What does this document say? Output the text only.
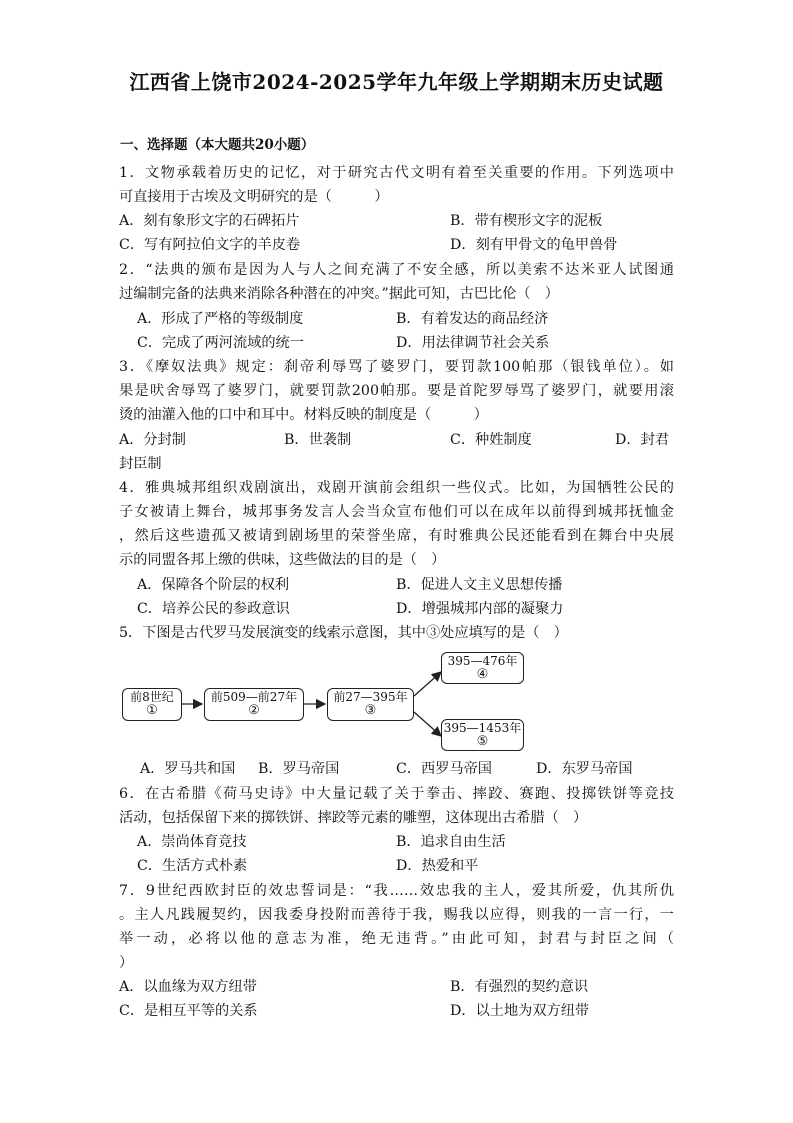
江西省上饶市2024-2025学年九年级上学期期末历史试题
一、选择题（本大题共20小题）
1．文物承载着历史的记忆，对于研究古代文明有着至关重要的作用。下列选项中
可直接用于古埃及文明研究的是（　　　）
A．刻有象形文字的石碑拓片	B．带有楔形文字的泥板
C．写有阿拉伯文字的羊皮卷	D．刻有甲骨文的龟甲兽骨
2．“法典的颁布是因为人与人之间充满了不安全感，所以美索不达米亚人试图通
过编制完备的法典来消除各种潜在的冲突。”据此可知，古巴比伦（　）
A．形成了严格的等级制度	B．有着发达的商品经济
C．完成了两河流域的统一	D．用法律调节社会关系
3．《摩奴法典》规定：刹帝利辱骂了婆罗门，要罚款100帕那（银钱单位）。如
果是吠舍辱骂了婆罗门，就要罚款200帕那。要是首陀罗辱骂了婆罗门，就要用滚
烫的油灌入他的口中和耳中。材料反映的制度是（　　　）
A．分封制	B．世袭制	C．种姓制度	D．封君
封臣制
4．雅典城邦组织戏剧演出，戏剧开演前会组织一些仪式。比如，为国牺牲公民的
子女被请上舞台，城邦事务发言人会当众宣布他们可以在成年以前得到城邦抚恤金
，然后这些遗孤又被请到剧场里的荣誉坐席，有时雅典公民还能看到在舞台中央展
示的同盟各邦上缴的供味，这些做法的目的是（　）
A．保障各个阶层的权利	B．促进人文主义思想传播
C．培养公民的参政意识	D．增强城邦内部的凝聚力
5．下图是古代罗马发展演变的线索示意图，其中③处应填写的是（　）
前8世纪
①
前509—前27年
②
前27—395年
③
395—476年
④
395—1453年
⑤
A．罗马共和国 B．罗马帝国	C．西罗马帝国	D．东罗马帝国
6．在古希腊《荷马史诗》中大量记载了关于拳击、摔跤、赛跑、投掷铁饼等竞技
活动，包括保留下来的掷铁饼、摔跤等元素的雕塑，这体现出古希腊（　）
A．崇尚体育竞技	B．追求自由生活
C．生活方式朴素	D．热爱和平
7．9世纪西欧封臣的效忠誓词是：“我……效忠我的主人，爱其所爱，仇其所仇
。主人凡践履契约，因我委身投附而善待于我，赐我以应得，则我的一言一行，一
举一动，必将以他的意志为准，绝无违背。”由此可知，封君与封臣之间（
）
A．以血缘为双方纽带	B．有强烈的契约意识
C．是相互平等的关系	D．以土地为双方纽带
